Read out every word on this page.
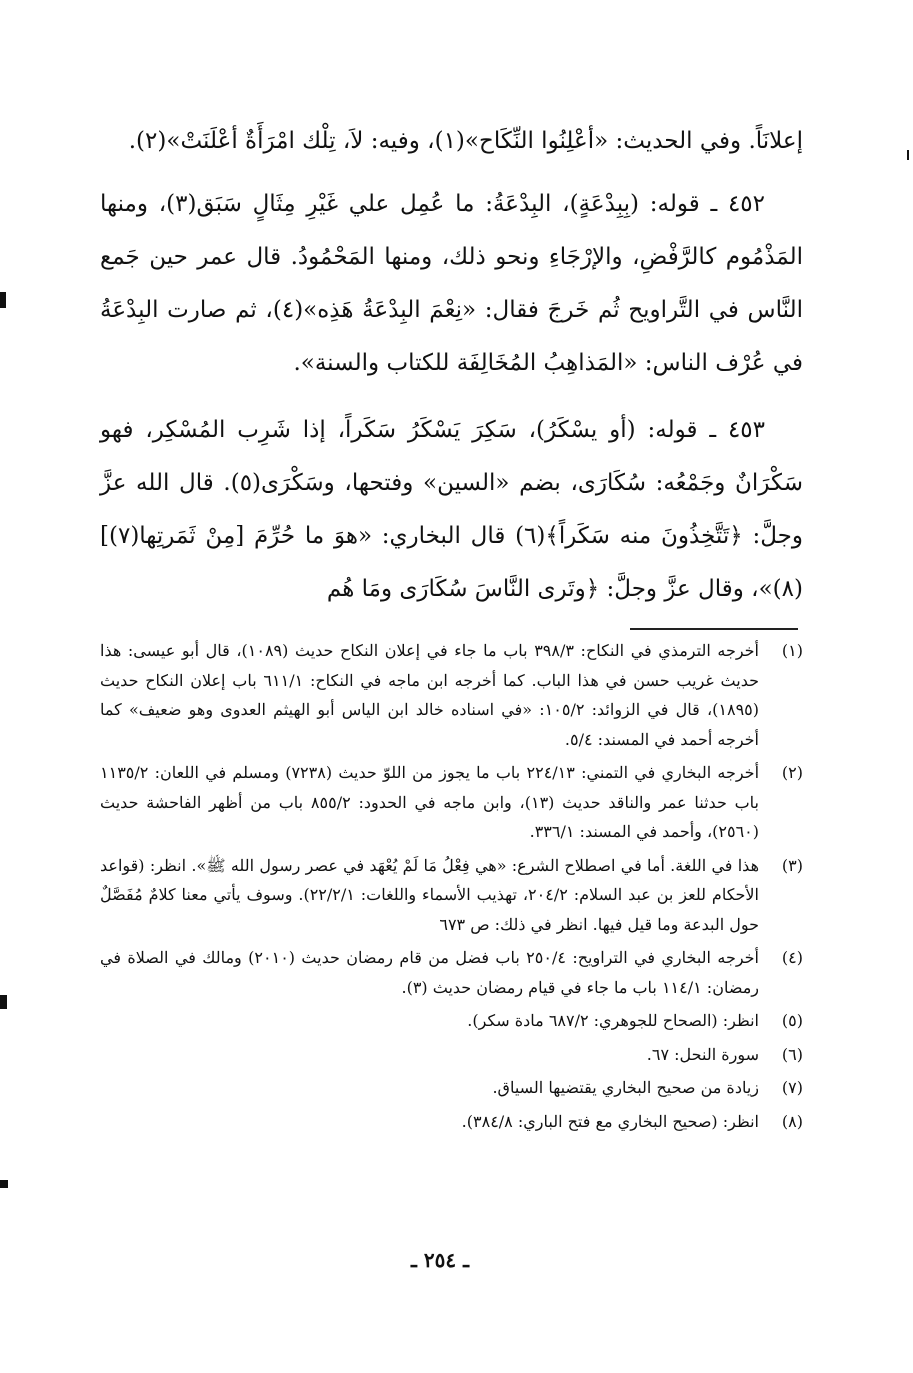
إعلانَاً. وفي الحديث: «أعْلِنُوا النِّكَاح»(١)، وفيه: لاَ، تِلْك امْرَأَةٌ أعْلَنَتْ»(٢).

٤٥٢ ـ قوله: (بِبِدْعَةٍ)، البِدْعَةُ: ما عُمِل علي غَيْرِ مِثَالٍ سَبَق(٣)، ومنها المَذْمُوم كالرَّفْضِ، والإرْجَاءِ ونحو ذلك، ومنها المَحْمُودُ. قال عمر حين جَمع النَّاس في التَّراويح ثُم خَرجَ فقال: «نِعْمَ البِدْعَةُ هَذِه»(٤)، ثم صارت البِدْعَةُ في عُرْف الناس: «المَذاهِبُ المُخَالِفَة للكتاب والسنة».

٤٥٣ ـ قوله: (أو يسْكَرُ)، سَكِرَ يَسْكَرُ سَكَراً، إذا شَرِب المُسْكِر، فهو سَكْرَانٌ وجَمْعُه: سُكَارَى، بضم «السين» وفتحها، وسَكْرَى(٥). قال الله عزَّ وجلَّ: ﴿تَتَّخِذُونَ منه سَكَراً﴾(٦) قال البخاري: «هوَ ما حُرِّمَ [مِنْ ثَمَرتِها(٧)](٨)»، وقال عزَّ وجلَّ: ﴿وتَرى النَّاسَ سُكَارَى ومَا هُم

(١)
أخرجه الترمذي في النكاح: ٣٩٨/٣ باب ما جاء في إعلان النكاح حديث (١٠٨٩)، قال أبو عيسى: هذا حديث غريب حسن في هذا الباب. كما أخرجه ابن ماجه في النكاح: ٦١١/١ باب إعلان النكاح حديث (١٨٩٥)، قال في الزوائد: ١٠٥/٢: «في اسناده خالد ابن الياس أبو الهيثم العدوى وهو ضعيف» كما أخرجه أحمد في المسند: ٥/٤.
(٢)
أخرجه البخاري في التمني: ٢٢٤/١٣ باب ما يجوز من اللوّ حديث (٧٢٣٨) ومسلم في اللعان: ١١٣٥/٢ باب حدثنا عمر والناقد حديث (١٣)، وابن ماجه في الحدود: ٨٥٥/٢ باب من أظهر الفاحشة حديث (٢٥٦٠)، وأحمد في المسند: ٣٣٦/١.
(٣)
هذا في اللغة. أما في اصطلاح الشرع: «هي فِعْلُ مَا لَمْ يُعْهَد في عصر رسول الله ﷺ». انظر: (قواعد الأحكام للعز بن عبد السلام: ٢٠٤/٢، تهذيب الأسماء واللغات: ٢٢/٢/١). وسوف يأتي معنا كلامٌ مُفَصَّلٌ حول البدعة وما قيل فيها. انظر في ذلك: ص ٦٧٣
(٤)
أخرجه البخاري في التراويح: ٢٥٠/٤ باب فضل من قام رمضان حديث (٢٠١٠) ومالك في الصلاة في رمضان: ١١٤/١ باب ما جاء في قيام رمضان حديث (٣).
(٥)
انظر: (الصحاح للجوهري: ٦٨٧/٢ مادة سكر).
(٦)
سورة النحل: ٦٧.
(٧)
زيادة من صحيح البخاري يقتضيها السياق.
(٨)
انظر: (صحيح البخاري مع فتح الباري: ٣٨٤/٨).
ـ ٢٥٤ ـ
